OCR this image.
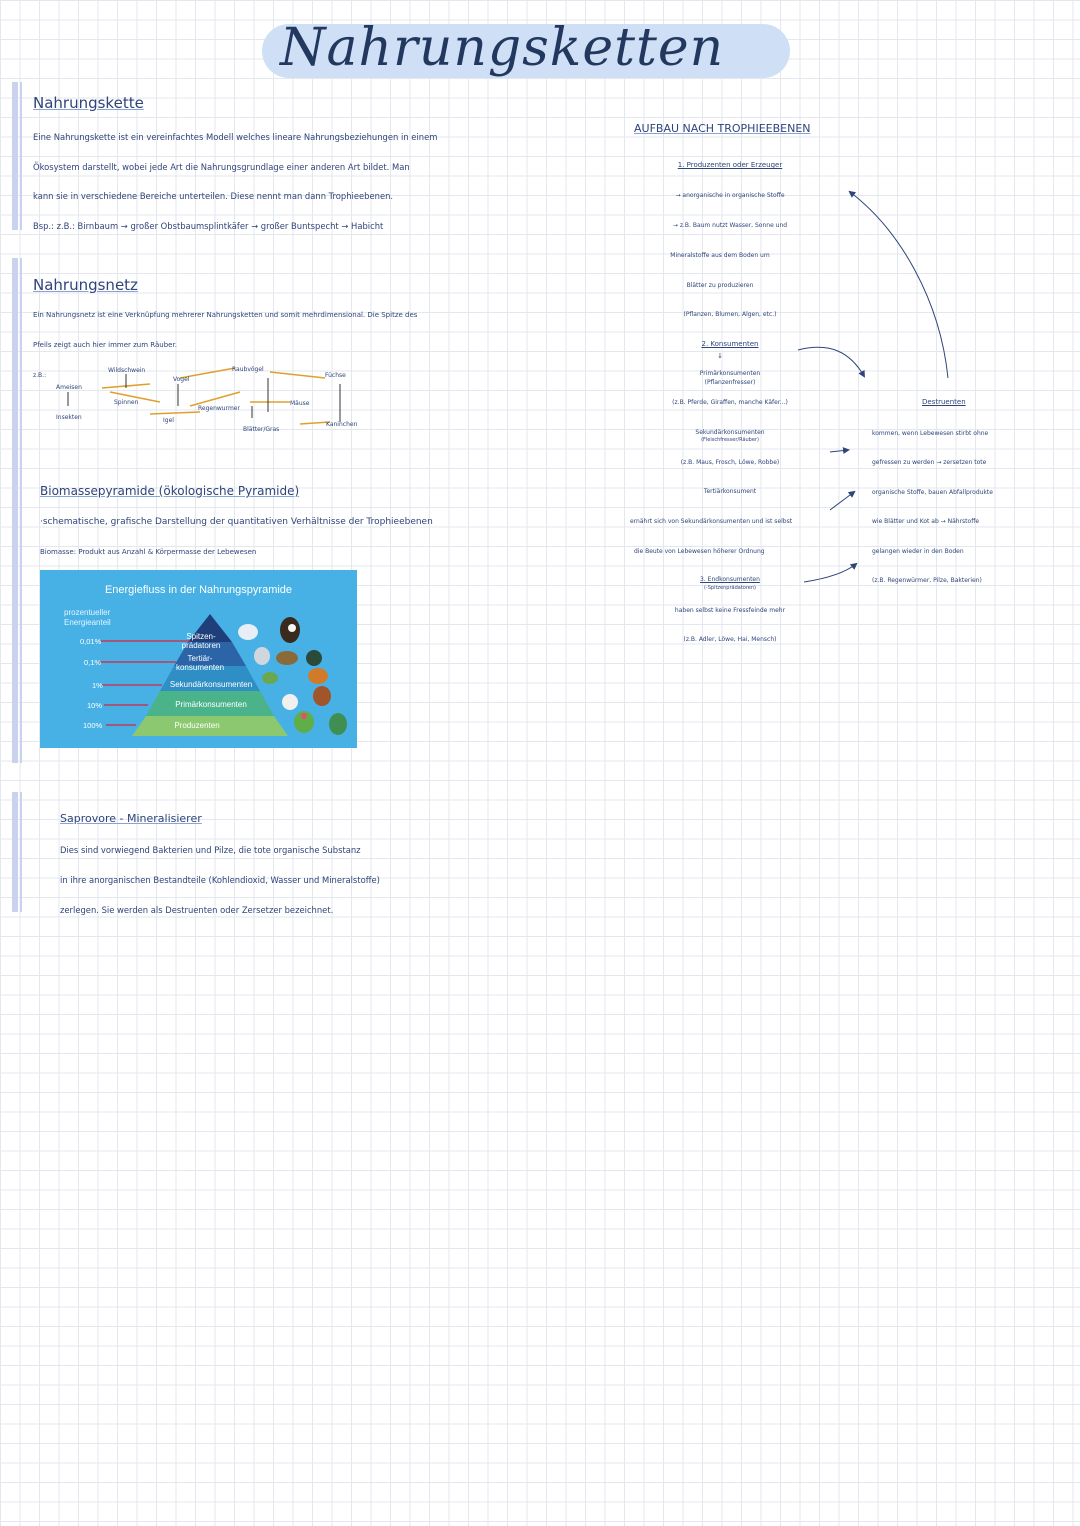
Nahrungsketten
Nahrungskette
Eine Nahrungskette ist ein vereinfachtes Modell welches lineare Nahrungsbeziehungen in einem
Ökosystem darstellt, wobei jede Art die Nahrungsgrundlage einer anderen Art bildet. Man
kann sie in verschiedene Bereiche unterteilen. Diese nennt man dann Trophieebenen.
Bsp.: z.B.: Birnbaum → großer Obstbaumsplintkäfer → großer Buntspecht → Habicht
Nahrungsnetz
Ein Nahrungsnetz ist eine Verknüpfung mehrerer Nahrungsketten und somit mehrdimensional. Die Spitze des
Pfeils zeigt auch hier immer zum Räuber.
z.B.:
Ameisen
Insekten
Spinnen
Wildschwein
Vogel
Igel
Regenwurmer
Raubvögel
Füchse
Mäuse
Blätter/Gras
Kaninchen
Biomassepyramide (ökologische Pyramide)
·schematische, grafische Darstellung der quantitativen Verhältnisse der Trophieebenen
Biomasse: Produkt aus Anzahl & Körpermasse der Lebewesen
Energiefluss in der Nahrungspyramide
prozentueller
Energieanteil
0,01%
0,1%
1%
10%
100%
Spitzen-prädatoren
Tertiär-konsumenten
Sekundärkonsumenten
Primärkonsumenten
Produzenten
Saprovore - Mineralisierer
Dies sind vorwiegend Bakterien und Pilze, die tote organische Substanz
in ihre anorganischen Bestandteile (Kohlendioxid, Wasser und Mineralstoffe)
zerlegen. Sie werden als Destruenten oder Zersetzer bezeichnet.
AUFBAU NACH TROPHIEEBENEN
1. Produzenten oder Erzeuger
→ anorganische in organische Stoffe
→ z.B. Baum nutzt Wasser, Sonne und
Mineralstoffe aus dem Boden um
Blätter zu produzieren
(Pflanzen, Blumen, Algen, etc.)
2. Konsumenten
↓
Primärkonsumenten
(Pflanzenfresser)
(z.B. Pferde, Giraffen, manche Käfer...)
Sekundärkonsumenten
(Fleischfresser/Räuber)
(z.B. Maus, Frosch, Löwe, Robbe)
Tertiärkonsument
ernährt sich von Sekundärkonsumenten und ist selbst
die Beute von Lebewesen höherer Ordnung
3. Endkonsumenten
(-Spitzenprädatoren)
haben selbst keine Fressfeinde mehr
(z.B. Adler, Löwe, Hai, Mensch)
Destruenten
kommen, wenn Lebewesen stirbt ohne
gefressen zu werden → zersetzen tote
organische Stoffe, bauen Abfallprodukte
wie Blätter und Kot ab → Nährstoffe
gelangen wieder in den Boden
(z.B. Regenwürmer, Pilze, Bakterien)
